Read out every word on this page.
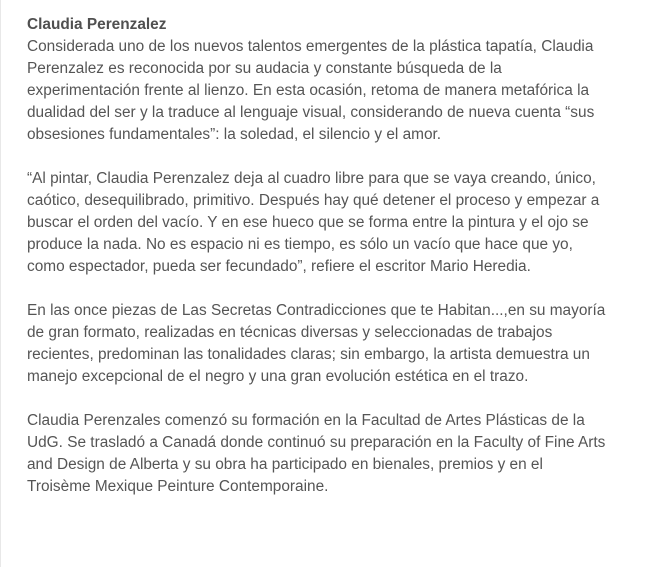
Claudia Perenzalez

Considerada uno de los nuevos talentos emergentes de la plástica tapatía, Claudia
Perenzalez es reconocida por su audacia y constante búsqueda de la
experimentación frente al lienzo. En esta ocasión, retoma de manera metafórica la
dualidad del ser y la traduce al lenguaje visual, considerando de nueva cuenta “sus
obsesiones fundamentales”: la soledad, el silencio y el amor.

“Al pintar, Claudia Perenzalez deja al cuadro libre para que se vaya creando, único,
caótico, desequilibrado, primitivo. Después hay qué detener el proceso y empezar a
buscar el orden del vacío. Y en ese hueco que se forma entre la pintura y el ojo se
produce la nada. No es espacio ni es tiempo, es sólo un vacío que hace que yo,
como espectador, pueda ser fecundado”, refiere el escritor Mario Heredia.

En las once piezas de Las Secretas Contradicciones que te Habitan...,en su mayoría
de gran formato, realizadas en técnicas diversas y seleccionadas de trabajos
recientes, predominan las tonalidades claras; sin embargo, la artista demuestra un
manejo excepcional de el negro y una gran evolución estética en el trazo.

Claudia Perenzales comenzó su formación en la Facultad de Artes Plásticas de la
UdG. Se trasladó a Canadá donde continuó su preparación en la Faculty of Fine Arts
and Design de Alberta y su obra ha participado en bienales, premios y en el
Troisème Mexique Peinture Contemporaine.
